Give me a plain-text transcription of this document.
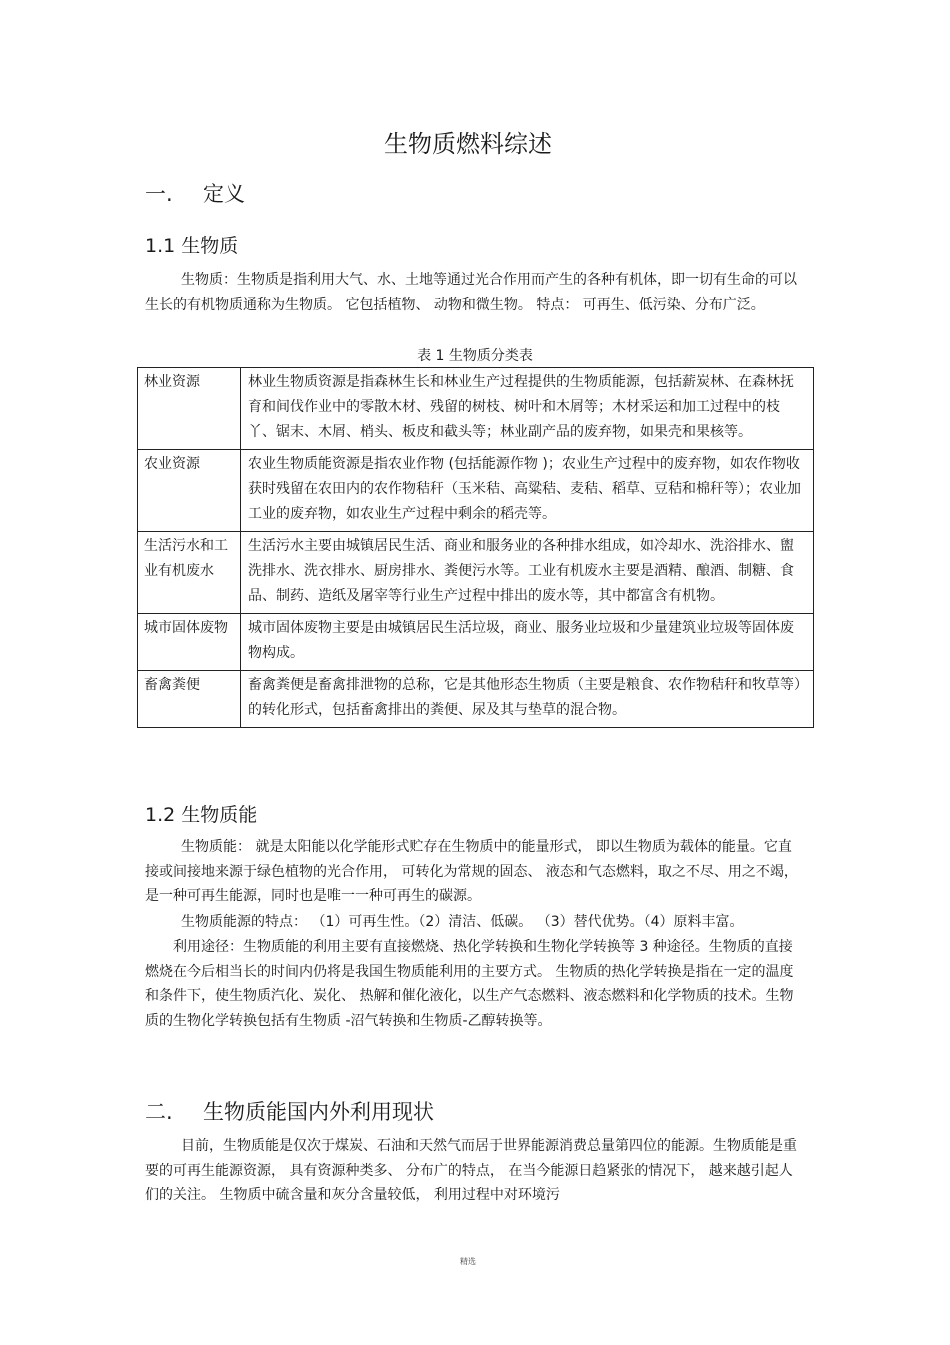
生物质燃料综述
一. 定义
1.1 生物质

生物质：生物质是指利用大气、水、土地等通过光合作用而产生的各种有机体，即一切有生命的可以生长的有机物质通称为生物质。 它包括植物、 动物和微生物。 特点： 可再生、低污染、分布广泛。

表 1 生物质分类表
林业资源	林业生物质资源是指森林生长和林业生产过程提供的生物质能源，包括薪炭林、在森林抚育和间伐作业中的零散木材、残留的树枝、树叶和木屑等；木材采运和加工过程中的枝丫、锯末、木屑、梢头、板皮和截头等；林业副产品的废弃物，如果壳和果核等。
农业资源	农业生物质能资源是指农业作物 (包括能源作物 )；农业生产过程中的废弃物，如农作物收获时残留在农田内的农作物秸秆（玉米秸、高粱秸、麦秸、稻草、豆秸和棉秆等）；农业加工业的废弃物，如农业生产过程中剩余的稻壳等。
生活污水和工业有机废水	生活污水主要由城镇居民生活、商业和服务业的各种排水组成，如冷却水、洗浴排水、盥洗排水、洗衣排水、厨房排水、粪便污水等。工业有机废水主要是酒精、酿酒、制糖、食品、制药、造纸及屠宰等行业生产过程中排出的废水等，其中都富含有机物。
城市固体废物	城市固体废物主要是由城镇居民生活垃圾，商业、服务业垃圾和少量建筑业垃圾等固体废物构成。
畜禽粪便	畜禽粪便是畜禽排泄物的总称，它是其他形态生物质（主要是粮食、农作物秸秆和牧草等）的转化形式，包括畜禽排出的粪便、尿及其与垫草的混合物。
1.2 生物质能

生物质能： 就是太阳能以化学能形式贮存在生物质中的能量形式， 即以生物质为载体的能量。它直接或间接地来源于绿色植物的光合作用， 可转化为常规的固态、 液态和气态燃料，取之不尽、用之不竭，是一种可再生能源，同时也是唯一一种可再生的碳源。

生物质能源的特点： （1）可再生性。（2）清洁、低碳。 （3）替代优势。（4）原料丰富。

利用途径：生物质能的利用主要有直接燃烧、热化学转换和生物化学转换等 3 种途径。生物质的直接燃烧在今后相当长的时间内仍将是我国生物质能利用的主要方式。 生物质的热化学转换是指在一定的温度和条件下，使生物质汽化、炭化、 热解和催化液化，以生产气态燃料、液态燃料和化学物质的技术。生物质的生物化学转换包括有生物质 -沼气转换和生物质-乙醇转换等。

二. 生物质能国内外利用现状

目前，生物质能是仅次于煤炭、石油和天然气而居于世界能源消费总量第四位的能源。生物质能是重要的可再生能源资源， 具有资源种类多、 分布广的特点， 在当今能源日趋紧张的情况下， 越来越引起人们的关注。 生物质中硫含量和灰分含量较低， 利用过程中对环境污

精选
